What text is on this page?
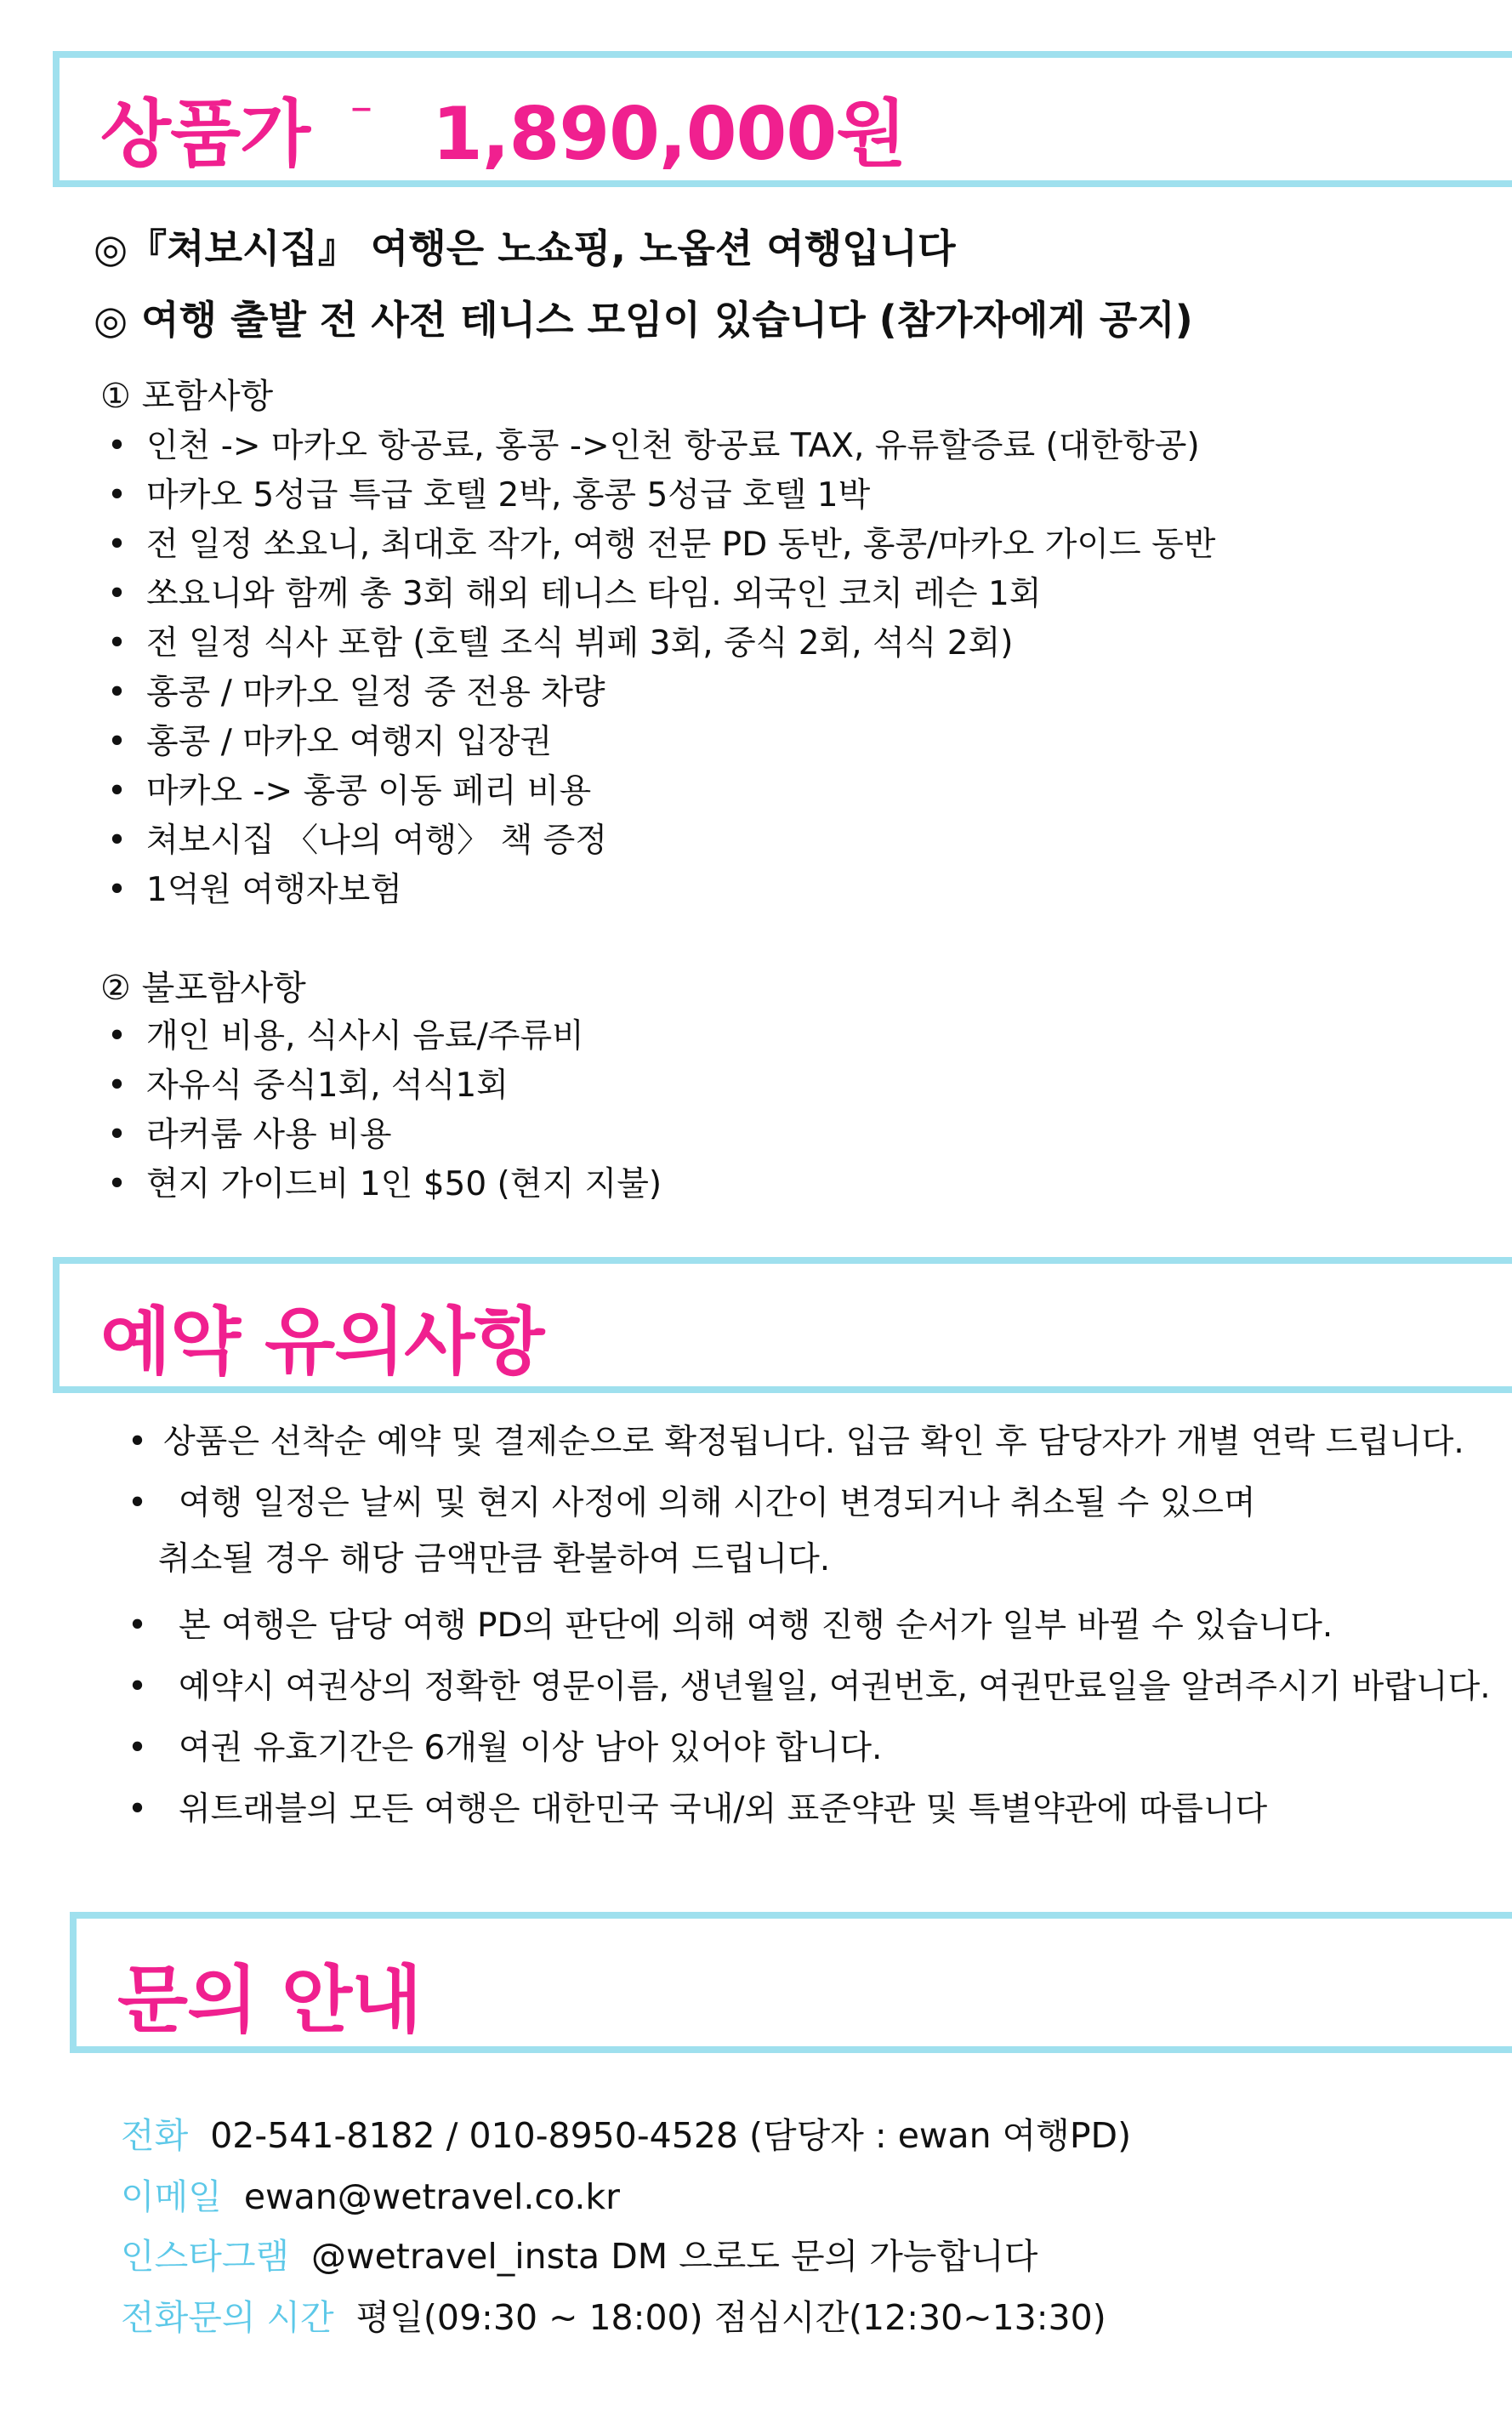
상품가 – 1,890,000원
◎『쳐보시집』 여행은 노쇼핑, 노옵션 여행입니다
◎ 여행 출발 전 사전 테니스 모임이 있습니다 (참가자에게 공지)
① 포함사항
• 인천 -> 마카오 항공료, 홍콩 ->인천 항공료 TAX, 유류할증료 (대한항공)
• 마카오 5성급 특급 호텔 2박, 홍콩 5성급 호텔 1박
• 전 일정 쏘요니, 최대호 작가, 여행 전문 PD 동반, 홍콩/마카오 가이드 동반
• 쏘요니와 함께 총 3회 해외 테니스 타임. 외국인 코치 레슨 1회
• 전 일정 식사 포함 (호텔 조식 뷔페 3회, 중식 2회, 석식 2회)
• 홍콩 / 마카오 일정 중 전용 차량
• 홍콩 / 마카오 여행지 입장권
• 마카오 -> 홍콩 이동 페리 비용
• 쳐보시집 〈나의 여행〉 책 증정
• 1억원 여행자보험
② 불포함사항
• 개인 비용, 식사시 음료/주류비
• 자유식 중식1회, 석식1회
• 라커룸 사용 비용
• 현지 가이드비 1인 $50 (현지 지불)
예약 유의사항
• 상품은 선착순 예약 및 결제순으로 확정됩니다. 입금 확인 후 담당자가 개별 연락 드립니다.
• 여행 일정은 날씨 및 현지 사정에 의해 시간이 변경되거나 취소될 수 있으며
취소될 경우 해당 금액만큼 환불하여 드립니다.
• 본 여행은 담당 여행 PD의 판단에 의해 여행 진행 순서가 일부 바뀔 수 있습니다.
• 예약시 여권상의 정확한 영문이름, 생년월일, 여권번호, 여권만료일을 알려주시기 바랍니다.
• 여권 유효기간은 6개월 이상 남아 있어야 합니다.
• 위트래블의 모든 여행은 대한민국 국내/외 표준약관 및 특별약관에 따릅니다
문의 안내
전화 02-541-8182 / 010-8950-4528 (담당자 : ewan 여행PD)
이메일 ewan@wetravel.co.kr
인스타그램 @wetravel_insta DM 으로도 문의 가능합니다
전화문의 시간 평일(09:30 ~ 18:00) 점심시간(12:30~13:30)
